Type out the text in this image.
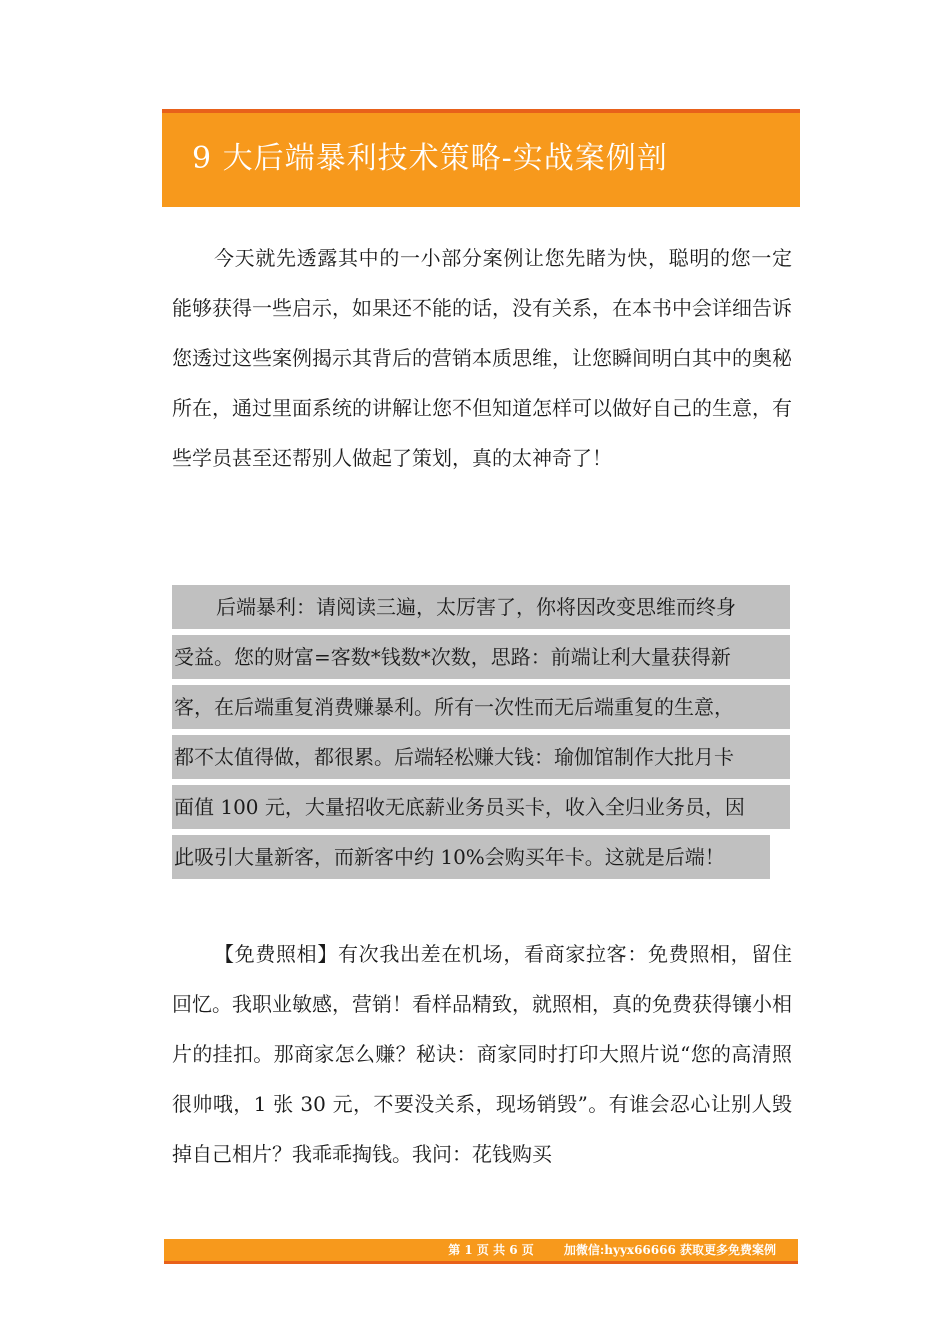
9 大后端暴利技术策略-实战案例剖

今天就先透露其中的一小部分案例让您先睹为快，聪明的您一定能够获得一些启示，如果还不能的话，没有关系，在本书中会详细告诉您透过这些案例揭示其背后的营销本质思维，让您瞬间明白其中的奥秘所在，通过里面系统的讲解让您不但知道怎样可以做好自己的生意，有些学员甚至还帮别人做起了策划，真的太神奇了！

后端暴利：请阅读三遍，太厉害了，你将因改变思维而终身
受益。您的财富=客数*钱数*次数，思路：前端让利大量获得新
客，在后端重复消费赚暴利。所有一次性而无后端重复的生意，
都不太值得做，都很累。后端轻松赚大钱：瑜伽馆制作大批月卡
面值 100 元，大量招收无底薪业务员买卡，收入全归业务员，因
此吸引大量新客，而新客中约 10%会购买年卡。这就是后端！

【免费照相】有次我出差在机场，看商家拉客：免费照相，留住回忆。我职业敏感，营销！看样品精致，就照相，真的免费获得镶小相片的挂扣。那商家怎么赚？秘诀：商家同时打印大照片说“您的高清照很帅哦，1 张 30 元，不要没关系，现场销毁”。有谁会忍心让别人毁掉自己相片？我乖乖掏钱。我问：花钱购买

第 1 页 共 6 页	加微信:hyyx66666 获取更多免费案例
